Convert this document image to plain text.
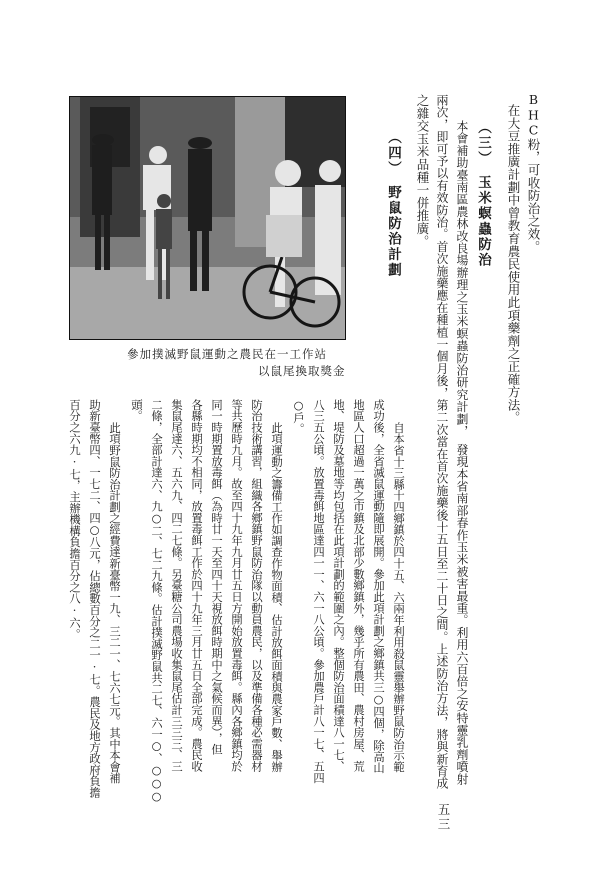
BHC粉，可收防治之效。
在大豆推廣計劃中曾教育農民使用此項藥劑之正確方法。
（三）　玉米螟蟲防治
本會補助臺南區農林改良場辦理之玉米螟蟲防治研究計劃，　發現本省南部春作玉米被害最重。利用六百倍之安特靈乳劑噴射
兩次，即可予以有效防治。首次施藥應在種植一個月後，第二次當在首次施藥後十五日至二十日之間。上述防治方法，將與新育成
之雜交玉米品種一併推廣。
（四）　野鼠防治計劃
參加撲滅野鼠運動之農民在一工作站
以鼠尾換取獎金
自本省十三縣十四鄉鎮於四十五、六兩年利用殺鼠靈舉辦野鼠防治示範
成功後，全省滅鼠運動隨即展開。參加此項計劃之鄉鎮共三○四個，除高山
地區人口超過一萬之市鎮及北部少數鄉鎮外，幾乎所有農田、農村房屋、荒
地、堤防及墓地等均包括在此項計劃的範圍之內。整個防治面積達八一七、
八三五公頃。放置毒餌地區達四一一、六一八公頃。參加農戶計八一七、五四
○戶。
此項運動之籌備工作如調查作物面積、估計放餌面積與農家戶數、舉辦
防治技術講習，組織各鄉鎮野鼠防治隊以動員農民，以及準備各種必需器材
等共歷時九月。故至四十九年九月廿五日方開始放置毒餌。縣內各鄉鎮均於
同一時期置放毒餌（為時廿一天至四十天視放餌時期中之氣候而異），但
各縣時期均不相同，放置毒餌工作於四十九年三月廿五日全部完成。農民收
集鼠尾達六、五六九、四二七條。另臺糖公司農場收集鼠尾估計三三三、三
二條，全部計達六、九○二、七二九條。估計撲滅野鼠共二七、六一○、○○○
頭。
此項野鼠防治計劃之經費達新臺幣一九、三二一、七六七元。其中本會補
助新臺幣四、一七二、四○八元，佔總數百分之二一·七。農民及地方政府負擔
百分之六九·七，主辦機構負擔百分之八·六。
五三
